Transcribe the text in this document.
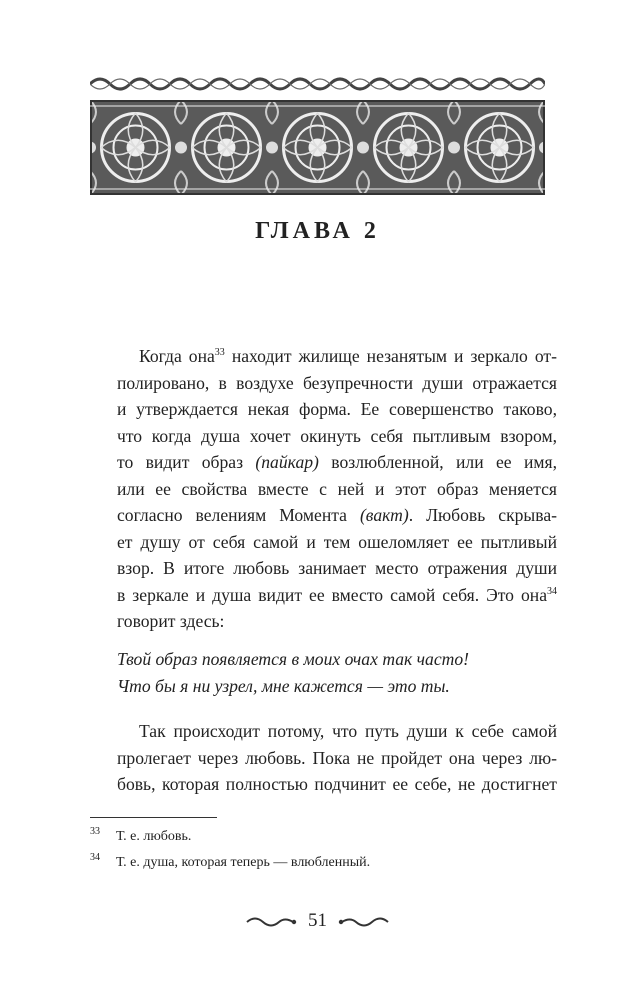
ГЛАВА 2
Когда она$^{33}$ находит жилище незанятым и зеркало от-
полировано, в воздухе безупречности души отражается
и утверждается некая форма. Ее совершенство таково,
что когда душа хочет окинуть себя пытливым взором,
то видит образ (пайкар) возлюбленной, или ее имя,
или ее свойства вместе с ней и этот образ меняется
согласно велениям Момента (вакт). Любовь скрыва-
ет душу от себя самой и тем ошеломляет ее пытливый
взор. В итоге любовь занимает место отражения души
в зеркале и душа видит ее вместо самой себя. Это она$^{34}$
говорит здесь:
Твой образ появляется в моих очах так часто!
Что бы я ни узрел, мне кажется — это ты.
Так происходит потому, что путь души к себе самой
пролегает через любовь. Пока не пройдет она через лю-
бовь, которая полностью подчинит ее себе, не достигнет
33 Т. е. любовь.
34 Т. е. душа, которая теперь — влюбленный.
51
